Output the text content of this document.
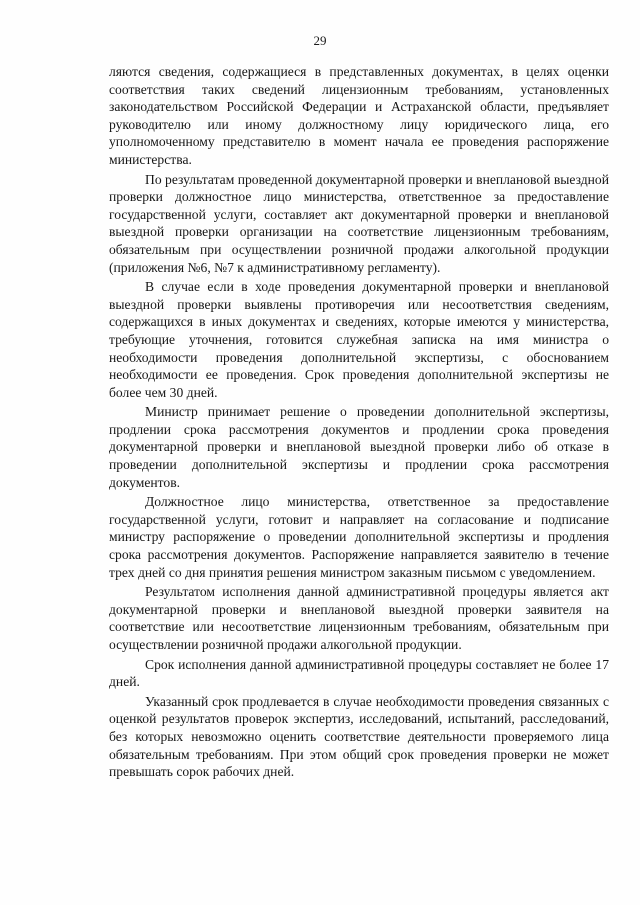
29

ляются сведения, содержащиеся в представленных документах, в целях оценки соответствия таких сведений лицензионным требованиям, установленных законодательством Российской Федерации и Астраханской области, предъявляет руководителю или иному должностному лицу юридического лица, его уполномоченному представителю в момент начала ее проведения распоряжение министерства.

По результатам проведенной документарной проверки и внеплановой выездной проверки должностное лицо министерства, ответственное за предоставление государственной услуги, составляет акт документарной проверки и внеплановой выездной проверки организации на соответствие лицензионным требованиям, обязательным при осуществлении розничной продажи алкогольной продукции (приложения №6, №7 к административному регламенту).

В случае если в ходе проведения документарной проверки и внеплановой выездной проверки выявлены противоречия или несоответствия сведениям, содержащихся в иных документах и сведениях, которые имеются у министерства, требующие уточнения, готовится служебная записка на имя министра о необходимости проведения дополнительной экспертизы, с обоснованием необходимости ее проведения. Срок проведения дополнительной экспертизы не более чем 30 дней.

Министр принимает решение о проведении дополнительной экспертизы, продлении срока рассмотрения документов и продлении срока проведения документарной проверки и внеплановой выездной проверки либо об отказе в проведении дополнительной экспертизы и продлении срока рассмотрения документов.

Должностное лицо министерства, ответственное за предоставление государственной услуги, готовит и направляет на согласование и подписание министру распоряжение о проведении дополнительной экспертизы и продления срока рассмотрения документов. Распоряжение направляется заявителю в течение трех дней со дня принятия решения министром заказным письмом с уведомлением.

Результатом исполнения данной административной процедуры является акт документарной проверки и внеплановой выездной проверки заявителя на соответствие или несоответствие лицензионным требованиям, обязательным при осуществлении розничной продажи алкогольной продукции.

Срок исполнения данной административной процедуры составляет не более 17 дней.

Указанный срок продлевается в случае необходимости проведения связанных с оценкой результатов проверок экспертиз, исследований, испытаний, расследований, без которых невозможно оценить соответствие деятельности проверяемого лица обязательным требованиям. При этом общий срок проведения проверки не может превышать сорок рабочих дней.
